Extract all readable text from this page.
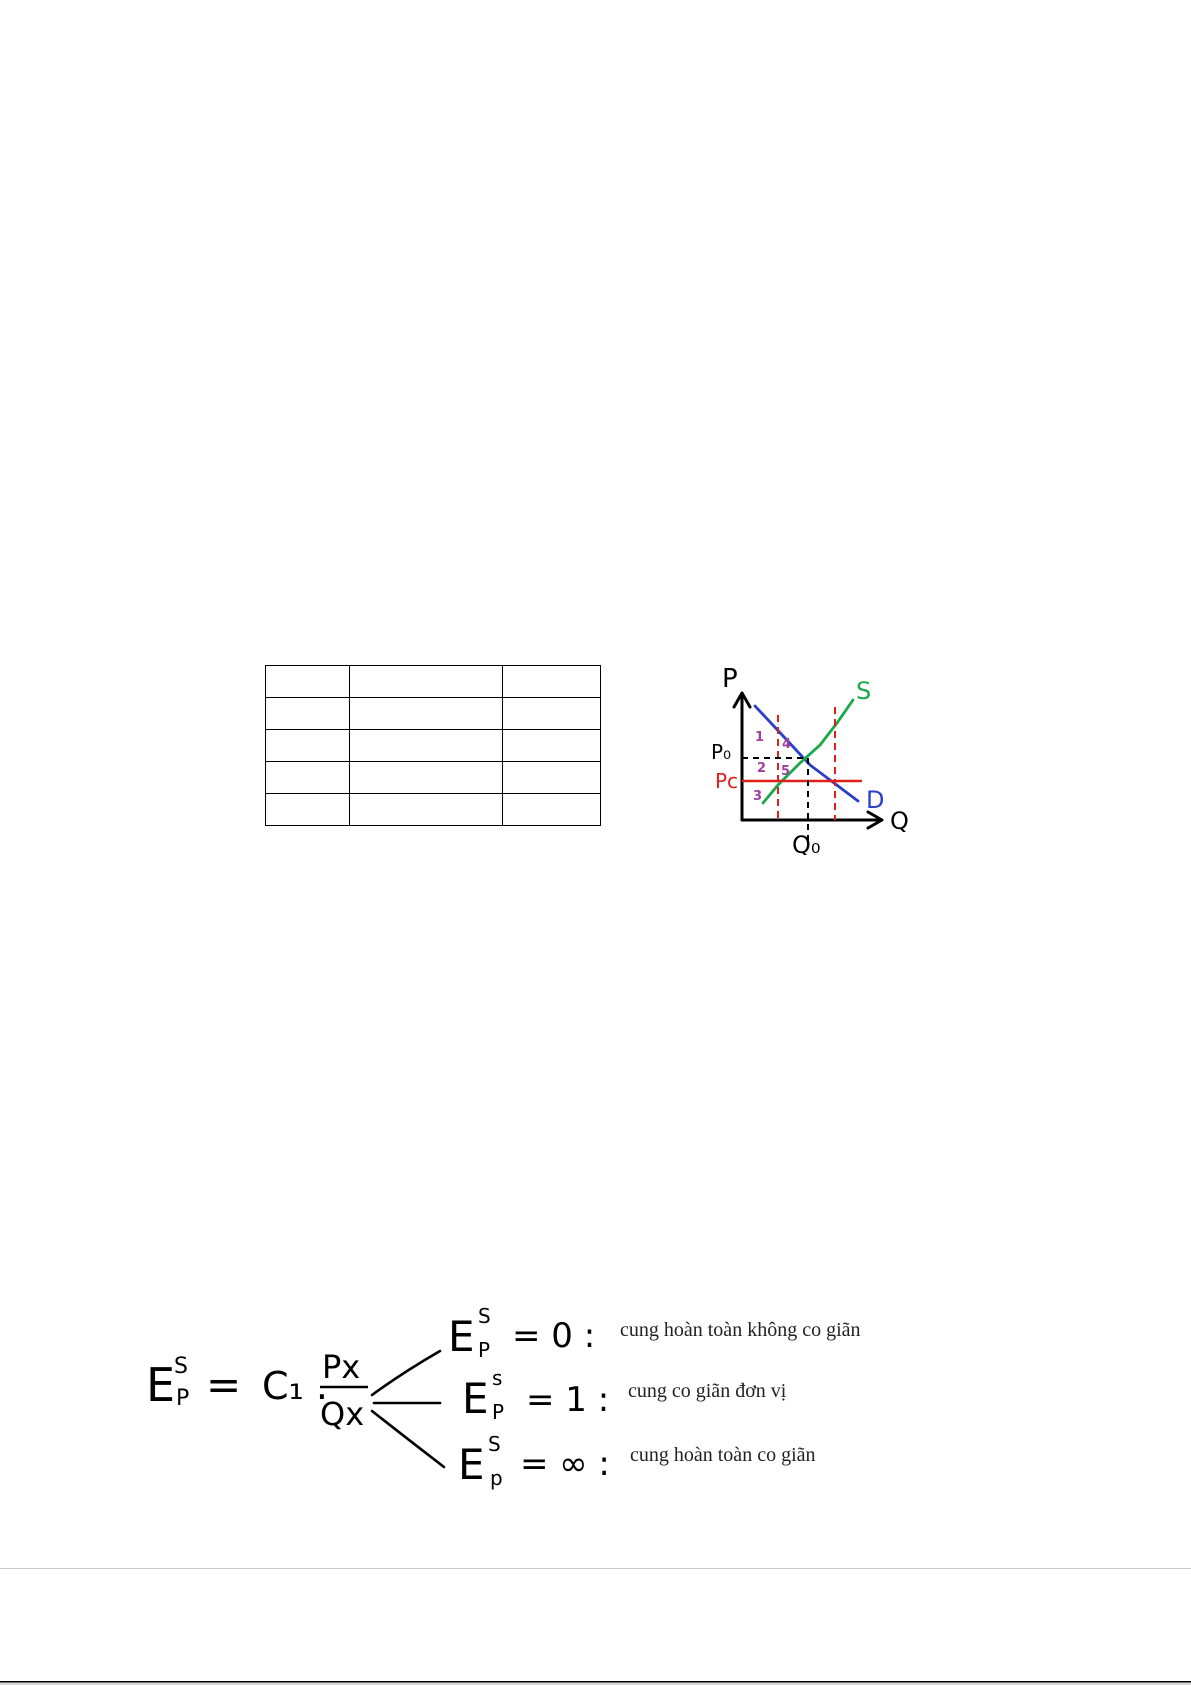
P
Q
S
D
P₀
Pc
Q₀
1
2
3
4
5
E
S
P = C₁ .
Px
Qx
E S
P = 0 :
E s
P = 1 :
E S
p = ∞ :
cung hoàn toàn không co giãn
cung co giãn đơn vị
cung hoàn toàn co giãn
